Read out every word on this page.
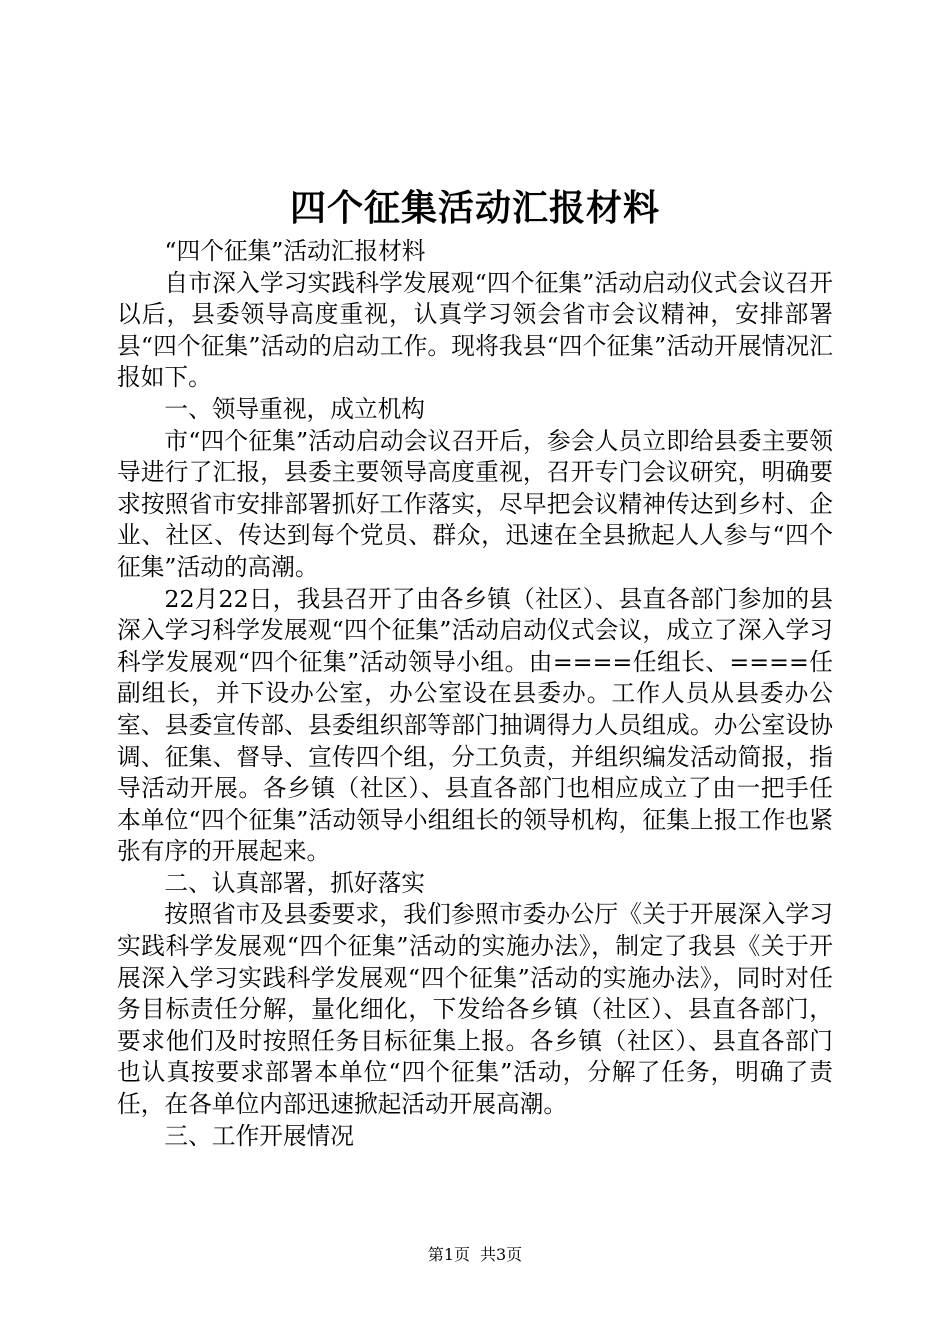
四个征集活动汇报材料

“四个征集”活动汇报材料

自市深入学习实践科学发展观“四个征集”活动启动仪式会议召开以后，县委领导高度重视，认真学习领会省市会议精神，安排部署县“四个征集”活动的启动工作。现将我县“四个征集”活动开展情况汇报如下。

一、领导重视，成立机构

市“四个征集”活动启动会议召开后，参会人员立即给县委主要领导进行了汇报，县委主要领导高度重视，召开专门会议研究，明确要求按照省市安排部署抓好工作落实，尽早把会议精神传达到乡村、企业、社区、传达到每个党员、群众，迅速在全县掀起人人参与“四个征集”活动的高潮。

22月22日，我县召开了由各乡镇（社区）、县直各部门参加的县深入学习科学发展观“四个征集”活动启动仪式会议，成立了深入学习科学发展观“四个征集”活动领导小组。由====任组长、====任副组长，并下设办公室，办公室设在县委办。工作人员从县委办公室、县委宣传部、县委组织部等部门抽调得力人员组成。办公室设协调、征集、督导、宣传四个组，分工负责，并组织编发活动简报，指导活动开展。各乡镇（社区）、县直各部门也相应成立了由一把手任本单位“四个征集”活动领导小组组长的领导机构，征集上报工作也紧张有序的开展起来。

二、认真部署，抓好落实

按照省市及县委要求，我们参照市委办公厅《关于开展深入学习实践科学发展观“四个征集”活动的实施办法》，制定了我县《关于开展深入学习实践科学发展观“四个征集”活动的实施办法》，同时对任务目标责任分解，量化细化，下发给各乡镇（社区）、县直各部门，要求他们及时按照任务目标征集上报。各乡镇（社区）、县直各部门也认真按要求部署本单位“四个征集”活动，分解了任务，明确了责任，在各单位内部迅速掀起活动开展高潮。

三、工作开展情况

第1页 共3页
